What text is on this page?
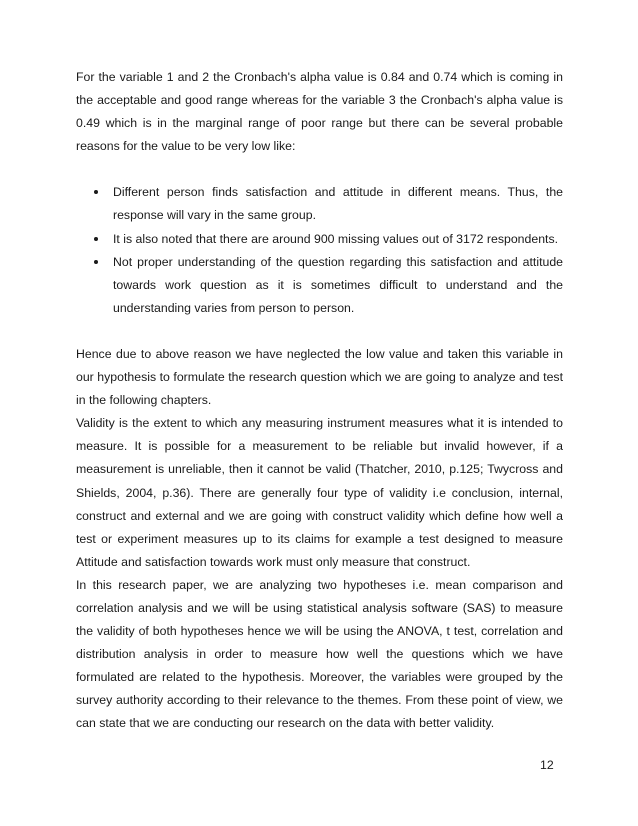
For the variable 1 and 2 the Cronbach's alpha value is 0.84 and 0.74 which is coming in the acceptable and good range whereas for the variable 3 the Cronbach's alpha value is 0.49 which is in the marginal range of poor range but there can be several probable reasons for the value to be very low like:

Different person finds satisfaction and attitude in different means. Thus, the response will vary in the same group.
It is also noted that there are around 900 missing values out of 3172 respondents.
Not proper understanding of the question regarding this satisfaction and attitude towards work question as it is sometimes difficult to understand and the understanding varies from person to person.

Hence due to above reason we have neglected the low value and taken this variable in our hypothesis to formulate the research question which we are going to analyze and test in the following chapters.

Validity is the extent to which any measuring instrument measures what it is intended to measure. It is possible for a measurement to be reliable but invalid however, if a measurement is unreliable, then it cannot be valid (Thatcher, 2010, p.125; Twycross and Shields, 2004, p.36). There are generally four type of validity i.e conclusion, internal, construct and external and we are going with construct validity which define how well a test or experiment measures up to its claims for example a test designed to measure Attitude and satisfaction towards work must only measure that construct.

In this research paper, we are analyzing two hypotheses i.e. mean comparison and correlation analysis and we will be using statistical analysis software (SAS) to measure the validity of both hypotheses hence we will be using the ANOVA, t test, correlation and distribution analysis in order to measure how well the questions which we have formulated are related to the hypothesis. Moreover, the variables were grouped by the survey authority according to their relevance to the themes. From these point of view, we can state that we are conducting our research on the data with better validity.

12
